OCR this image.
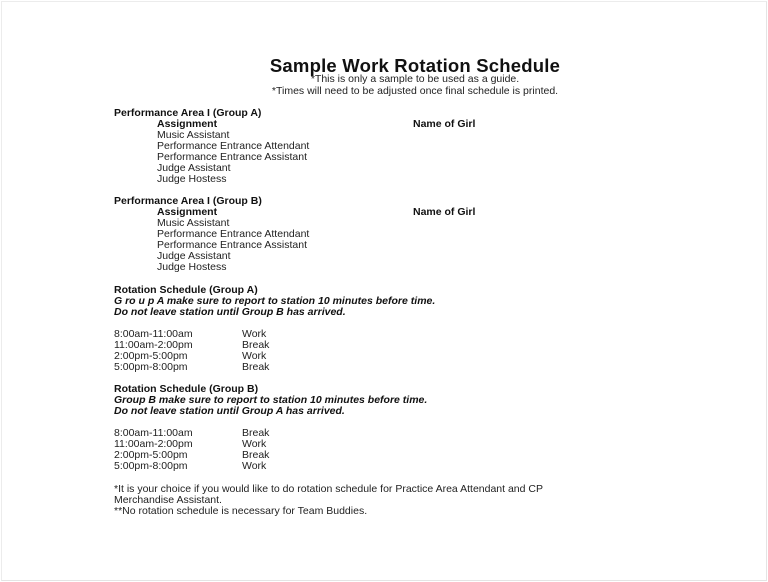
Sample Work Rotation Schedule
*This is only a sample to be used as a guide.
*Times will need to be adjusted once final schedule is printed.
Performance Area I (Group A)
Assignment	Name of Girl
Music Assistant
Performance Entrance Attendant
Performance Entrance Assistant
Judge Assistant
Judge Hostess
Performance Area I (Group B)
Assignment	Name of Girl
Music Assistant
Performance Entrance Attendant
Performance Entrance Assistant
Judge Assistant
Judge Hostess
Rotation Schedule (Group A)
G ro u p A make sure to report to station 10 minutes before time.
Do not leave station until Group B has arrived.
8:00am-11:00am	Work
11:00am-2:00pm	Break
2:00pm-5:00pm	Work
5:00pm-8:00pm	Break
Rotation Schedule (Group B)
Group B make sure to report to station 10 minutes before time.
Do not leave station until Group A has arrived.
8:00am-11:00am	Break
11:00am-2:00pm	Work
2:00pm-5:00pm	Break
5:00pm-8:00pm	Work
*It is your choice if you would like to do rotation schedule for Practice Area Attendant and CP
Merchandise Assistant.
**No rotation schedule is necessary for Team Buddies.
